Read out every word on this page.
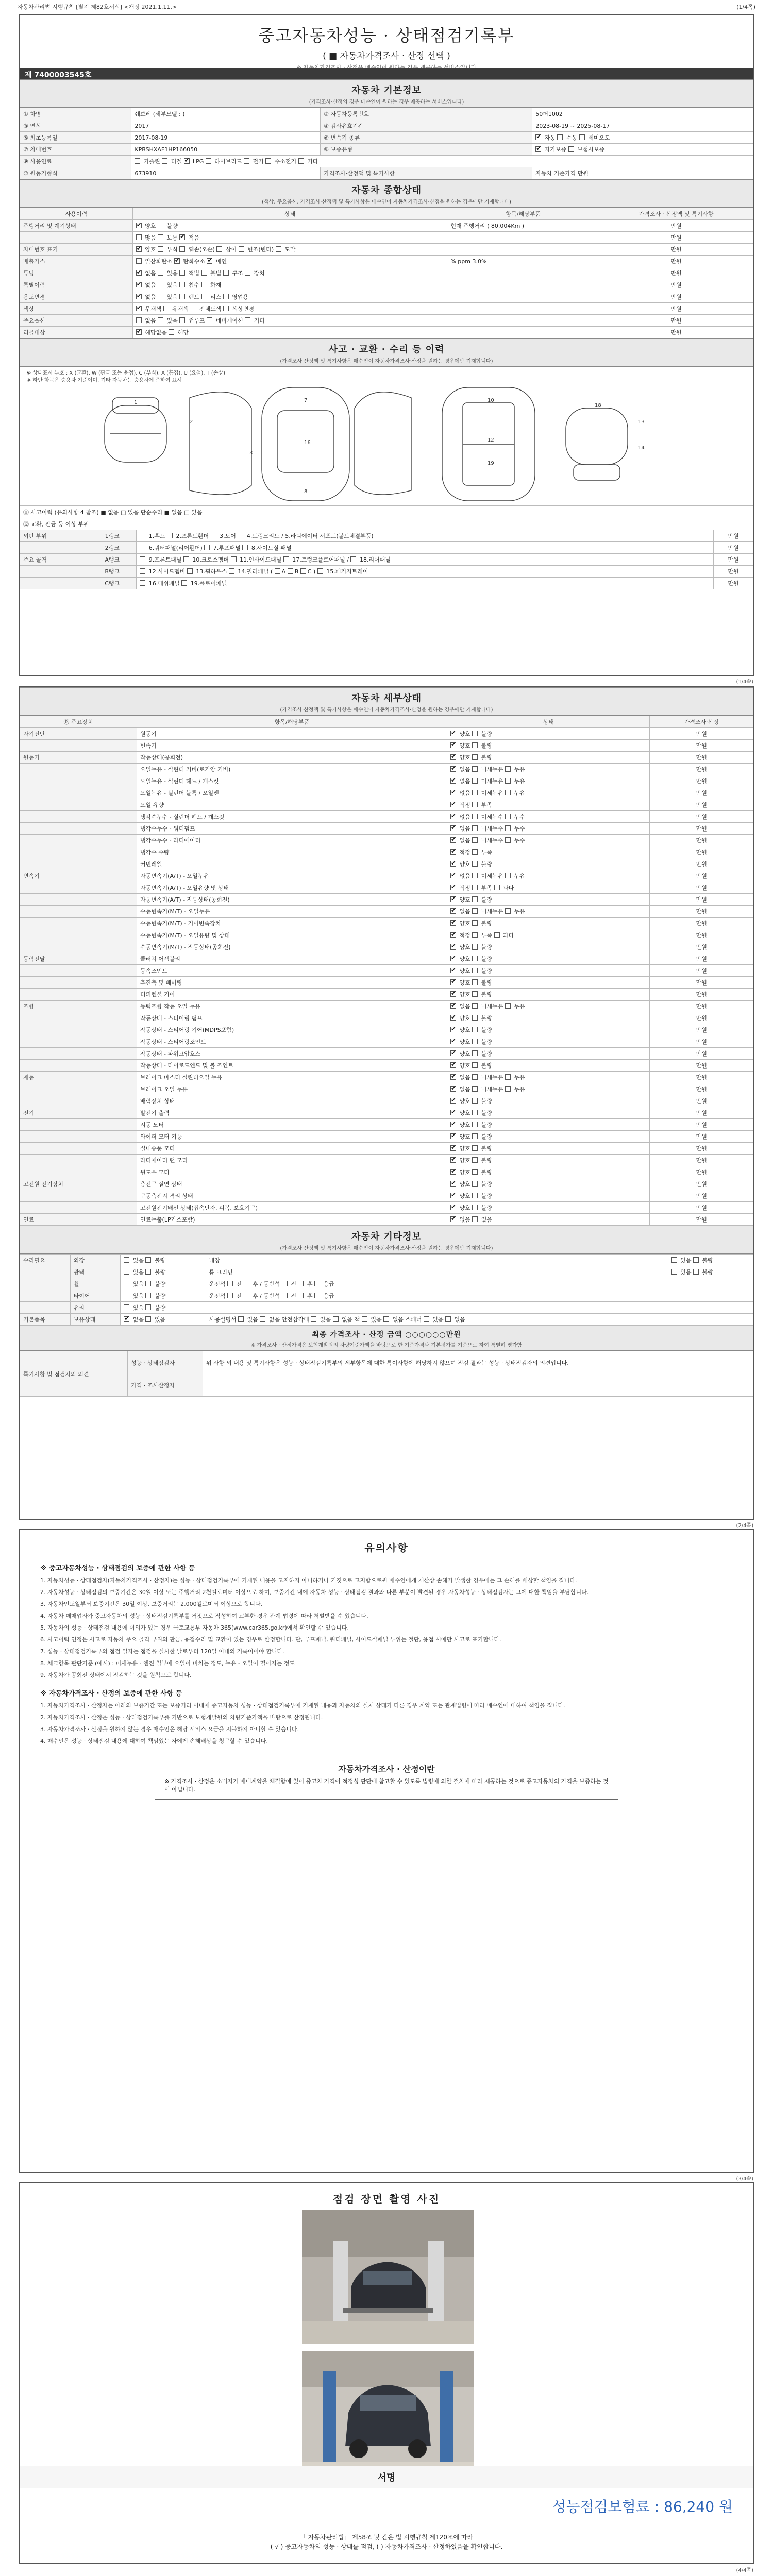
자동차관리법 시행규칙 [별지 제82호서식] <개정 2021.1.11.>	(1/4쪽)
중고자동차성능 · 상태점검기록부
( ■ 자동차가격조사 · 산정 선택 )
제 7400003545호
자동차 기본정보
(가격조사·산정의 경우 매수인이 원하는 경우 제공하는 서비스입니다)
① 차명	쉐보레 (세부모델 : )	② 자동차등록번호	50더1002
③ 연식	2017	④ 검사유효기간	2023-08-19 ~ 2025-08-17
⑤ 최초등록일	2017-08-19	⑥ 변속기 종류	✔ 자동  수동  세미오토
⑦ 차대번호	KPBSHXAF1HP166050	⑧ 보증유형	✔ 자가보증  보험사보증
⑨ 사용연료	가솔린  디젤 ✔ LPG  하이브리드  전기  수소전기  기타
⑩ 원동기형식	673910	가격조사·산정액 및 특기사항	자동차 기준가격 만원
자동차 종합상태
(색상, 주요옵션, 가격조사·산정액 및 특기사항은 매수인이 자동차가격조사·산정을 원하는 경우에만 기재합니다)
사용이력	상태	항목/해당부품	가격조사 · 산정액 및 특기사항
주행거리 및 계기상태	✔ 양호  불량	현재 주행거리 ( 80,004Km )	만원
	많음  보통 ✔ 적음		만원
차대번호 표기	✔ 양호  부식  훼손(오손)  상이  변조(변타)  도말		만원
배출가스	일산화탄소 ✔ 탄화수소 ✔ 매연	% ppm 3.0%	만원
튜닝	✔ 없음  있음  적법  불법  구조  장치		만원
특별이력	✔ 없음  있음  침수  화재		만원
용도변경	✔ 없음  있음  렌트  리스  영업용		만원
색상	✔ 무채색  유채색  전체도색  색상변경		만원
주요옵션	없음  있음  썬루프  네비게이션  기타		만원
리콜대상	✔ 해당없음  해당		만원
사고 · 교환 · 수리 등 이력
(가격조사·산정액 및 특기사항은 매수인이 자동차가격조사·산정을 원하는 경우에만 기재합니다)
※ 상태표시 부호 : X (교환), W (판금 또는 용접), C (부식), A (흠집), U (요철), T (손상)
※ 하단 항목은 승용차 기준이며, 기타 자동차는 승용차에 준하여 표시
1
2
3
7
16
8
10
12
19
18
13
14
⑪ 사고이력 (유의사항 4 참조) ■ 없음 □ 있음 단순수리 ■ 없음 □ 있음			
⑫ 교환, 판금 등 이상 부위			
외판 부위	1랭크	1.후드  2.프론트휀더  3.도어  4.트렁크리드 / 5.라디에이터 서포트(볼트체결부품)	만원
	2랭크	6.쿼터패널(리어휀더)  7.루프패널  8.사이드실 패널	만원
주요 골격	A랭크	9.프론트패널  10.크로스멤버  11.인사이드패널  17.트렁크플로어패널 /  18.리어패널	만원
	B랭크	12.사이드멤버  13.휠하우스  14.필러패널 ( A B C )  15.패키지트레이	만원
	C랭크	16.대쉬패널  19.플로어패널	만원
(1/4쪽)
자동차 세부상태
(가격조사·산정액 및 특기사항은 매수인이 자동차가격조사·산정을 원하는 경우에만 기재합니다)
⑬ 주요장치	항목/해당부품	상태	가격조사·산정
자기진단	원동기	✔ 양호  불량	만원
	변속기	✔ 양호  불량	만원
원동기	작동상태(공회전)	✔ 양호  불량	만원
	오일누유 - 실린더 커버(로커암 커버)	✔ 없음  미세누유  누유	만원
	오일누유 - 실린더 헤드 / 개스킷	✔ 없음  미세누유  누유	만원
	오일누유 - 실린더 블록 / 오일팬	✔ 없음  미세누유  누유	만원
	오일 유량	✔ 적정  부족	만원
	냉각수누수 - 실린더 헤드 / 개스킷	✔ 없음  미세누수  누수	만원
	냉각수누수 - 워터펌프	✔ 없음  미세누수  누수	만원
	냉각수누수 - 라디에이터	✔ 없음  미세누수  누수	만원
	냉각수 수량	✔ 적정  부족	만원
	커먼레일	✔ 양호  불량	만원
변속기	자동변속기(A/T) - 오일누유	✔ 없음  미세누유  누유	만원
	자동변속기(A/T) - 오일유량 및 상태	✔ 적정  부족  과다	만원
	자동변속기(A/T) - 작동상태(공회전)	✔ 양호  불량	만원
	수동변속기(M/T) - 오일누유	✔ 없음  미세누유  누유	만원
	수동변속기(M/T) - 기어변속장치	✔ 양호  불량	만원
	수동변속기(M/T) - 오일유량 및 상태	✔ 적정  부족  과다	만원
	수동변속기(M/T) - 작동상태(공회전)	✔ 양호  불량	만원
동력전달	클러치 어셈블리	✔ 양호  불량	만원
	등속조인트	✔ 양호  불량	만원
	추진축 및 베어링	✔ 양호  불량	만원
	디퍼렌셜 기어	✔ 양호  불량	만원
조향	동력조향 작동 오일 누유	✔ 없음  미세누유  누유	만원
	작동상태 - 스티어링 펌프	✔ 양호  불량	만원
	작동상태 - 스티어링 기어(MDPS포함)	✔ 양호  불량	만원
	작동상태 - 스티어링조인트	✔ 양호  불량	만원
	작동상태 - 파워고압호스	✔ 양호  불량	만원
	작동상태 - 타이로드엔드 및 볼 조인트	✔ 양호  불량	만원
제동	브레이크 마스터 실린더오일 누유	✔ 없음  미세누유  누유	만원
	브레이크 오일 누유	✔ 없음  미세누유  누유	만원
	배력장치 상태	✔ 양호  불량	만원
전기	발전기 출력	✔ 양호  불량	만원
	시동 모터	✔ 양호  불량	만원
	와이퍼 모터 기능	✔ 양호  불량	만원
	실내송풍 모터	✔ 양호  불량	만원
	라디에이터 팬 모터	✔ 양호  불량	만원
	윈도우 모터	✔ 양호  불량	만원
고전원 전기장치	충전구 절연 상태	✔ 양호  불량	만원
	구동축전지 격리 상태	✔ 양호  불량	만원
	고전원전기배선 상태(접속단자, 피복, 보호기구)	✔ 양호  불량	만원
연료	연료누출(LP가스포함)	✔ 없음  있음	만원
자동차 기타정보
(가격조사·산정액 및 특기사항은 매수인이 자동차가격조사·산정을 원하는 경우에만 기재합니다)
수리필요	외장	있음  불량	내장	있음  불량
	광택	있음  불량	룸 크리닝	있음  불량
	휠	있음  불량	운전석  전  후 / 동반석  전  후  응급	
	타이어	있음  불량	운전석  전  후 / 동반석  전  후  응급	
	유리	있음  불량		
기본품목	보유상태	✔ 없음  있음	사용설명서  있음  없음 안전삼각대  있음  없음 잭  있음  없음 스패너  있음  없음	
최종 가격조사 · 산정 금액 ○○○○○○만원
※ 가격조사 · 산정가격은 보험개발원의 차량기준가액을 바탕으로 한 기준가격과 기본평가를 기준으로 하여 특별히 평가함
특기사항 및 점검자의 의견	성능 · 상태점검자	위 사항 외 내용 및 특기사항은 성능 · 상태점검기록부의 세부항목에 대한 특이사항에 해당하지 않으며 점검 결과는 성능 · 상태점검자의 의견입니다.
	가격 · 조사산정자	
(2/4쪽)
유의사항
※ 중고자동차성능 · 상태점검의 보증에 관한 사항 등

1. 자동차성능 · 상태점검자(자동차가격조사 · 산정자)는 성능 · 상태점검기록부에 기재된 내용을 고지하지 아니하거나 거짓으로 고지함으로써 매수인에게 재산상 손해가 발생한 경우에는 그 손해를 배상할 책임을 집니다.

2. 자동차성능 · 상태점검의 보증기간은 30일 이상 또는 주행거리 2천킬로미터 이상으로 하며, 보증기간 내에 자동차 성능 · 상태점검 결과와 다른 부분이 발견된 경우 자동차성능 · 상태점검자는 그에 대한 책임을 부담합니다.

3. 자동차인도일부터 보증기간은 30일 이상, 보증거리는 2,000킬로미터 이상으로 합니다.

4. 자동차 매매업자가 중고자동차의 성능 · 상태점검기록부를 거짓으로 작성하여 교부한 경우 관계 법령에 따라 처벌받을 수 있습니다.

5. 자동차의 성능 · 상태점검 내용에 이의가 있는 경우 국토교통부 자동차 365(www.car365.go.kr)에서 확인할 수 있습니다.

6. 사고이력 인정은 사고로 자동차 주요 골격 부위의 판금, 용접수리 및 교환이 있는 경우로 한정합니다. 단, 루프패널, 쿼터패널, 사이드실패널 부위는 절단, 용접 시에만 사고로 표기합니다.

7. 성능 · 상태점검기록부의 점검 일자는 점검을 실시한 날로부터 120일 이내의 기록이어야 합니다.

8. 체크항목 판단기준 (예시) : 미세누유 - 엔진 일부에 오일이 비치는 정도, 누유 - 오일이 떨어지는 정도

9. 자동차가 공회전 상태에서 점검하는 것을 원칙으로 합니다.

※ 자동차가격조사 · 산정의 보증에 관한 사항 등

1. 자동차가격조사 · 산정자는 아래의 보증기간 또는 보증거리 이내에 중고자동차 성능 · 상태점검기록부에 기재된 내용과 자동차의 실제 상태가 다른 경우 계약 또는 관계법령에 따라 매수인에 대하여 책임을 집니다.

2. 자동차가격조사 · 산정은 성능 · 상태점검기록부를 기반으로 보험개발원의 차량기준가액을 바탕으로 산정됩니다.

3. 자동차가격조사 · 산정을 원하지 않는 경우 매수인은 해당 서비스 요금을 지불하지 아니할 수 있습니다.

4. 매수인은 성능 · 상태점검 내용에 대하여 책임있는 자에게 손해배상을 청구할 수 있습니다.

자동차가격조사 · 산정이란
※ 가격조사 · 산정은 소비자가 매매계약을 체결함에 있어 중고차 가격이 적정성 판단에 참고할 수 있도록 법령에 의한 절차에 따라 제공하는 것으로 중고자동차의 가격을 보증하는 것이 아닙니다.
(3/4쪽)
점검 장면 촬영 사진
서명
성능점검보험료 : 86,240 원
「 자동차관리법」 제58조 및 같은 법 시행규칙 제120조에 따라
( √ ) 중고자동차의 성능 · 상태를 점검, ( ) 자동차가격조사 · 산정하였음을 확인합니다.
(4/4쪽)
